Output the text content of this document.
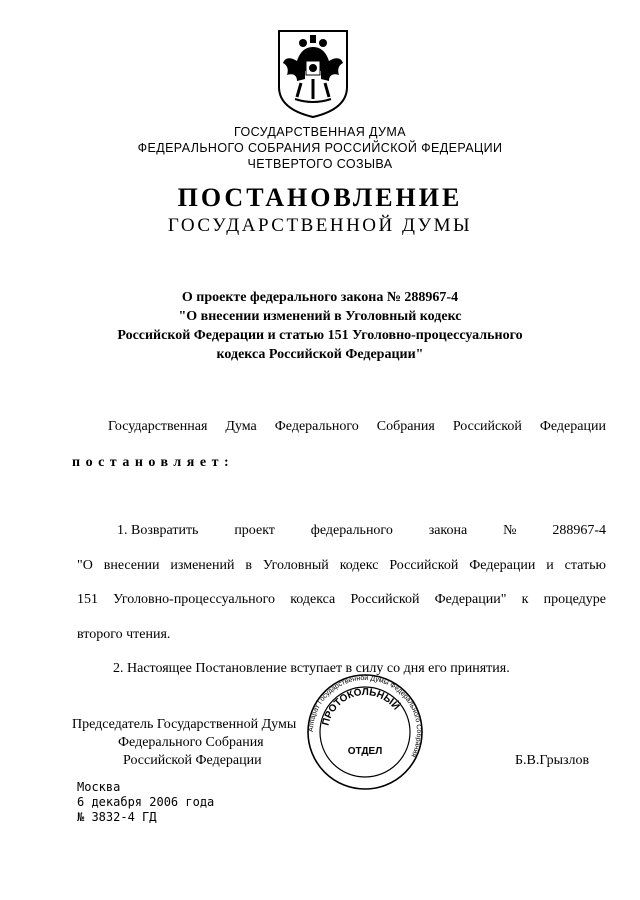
ГОСУДАРСТВЕННАЯ ДУМА
ФЕДЕРАЛЬНОГО СОБРАНИЯ РОССИЙСКОЙ ФЕДЕРАЦИИ
ЧЕТВЕРТОГО СОЗЫВА
ПОСТАНОВЛЕНИЕ
ГОСУДАРСТВЕННОЙ ДУМЫ
О проекте федерального закона № 288967-4
"О внесении изменений в Уголовный кодекс
Российской Федерации и статью 151 Уголовно-процессуального
кодекса Российской Федерации"
Государственная Дума Федерального Собрания Российской Федерации
постановляет:
1. Возвратить	проект	федерального	закона	№	288967-4
"О внесении изменений в Уголовный кодекс Российской Федерации и статью
151 Уголовно-процессуального кодекса Российской Федерации" к процедуре
второго чтения.
2. Настоящее Постановление вступает в силу со дня его принятия.
Аппарат Государственной Думы Федерального Собрания
ПРОТОКОЛЬНЫЙ
ОТДЕЛ
Председатель Государственной Думы
Федерального Собрания
Российской Федерации	Б.В.Грызлов
Москва
6 декабря 2006 года
№ 3832-4 ГД
